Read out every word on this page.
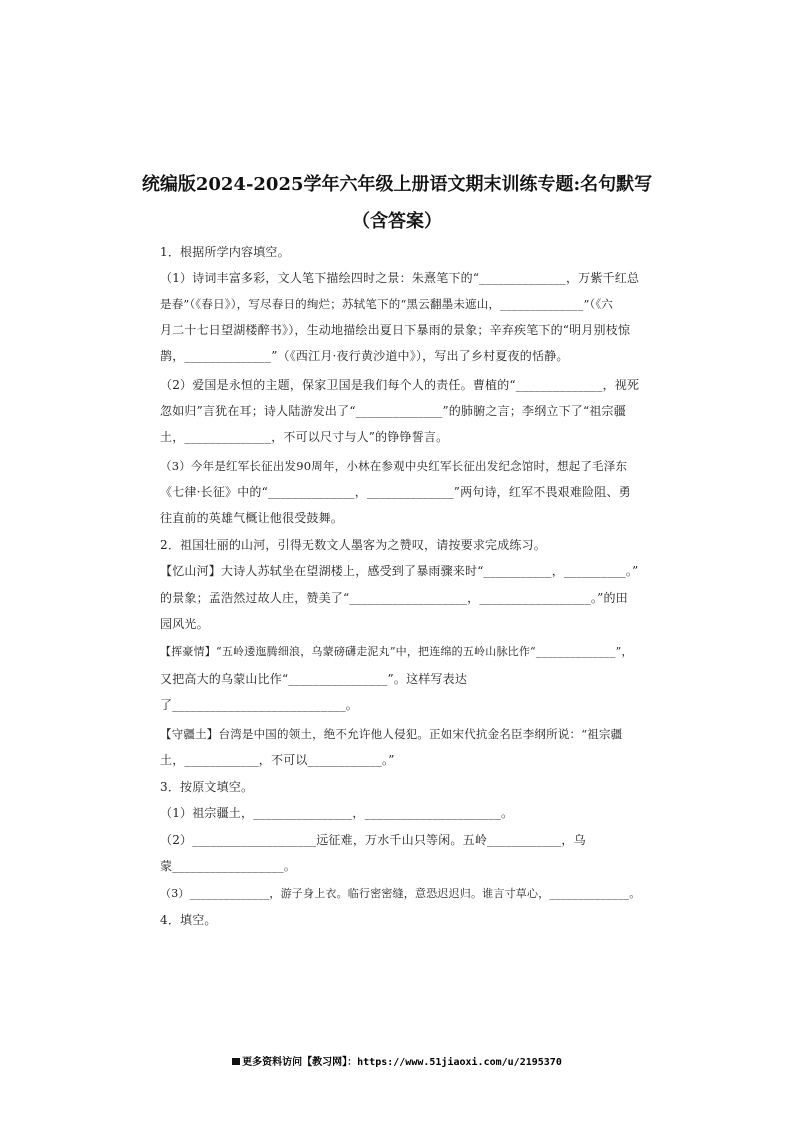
统编版2024-2025学年六年级上册语文期末训练专题:名句默写
（含答案）
1．根据所学内容填空。
（1）诗词丰富多彩，文人笔下描绘四时之景：朱熹笔下的“______________，万紫千红总
是春”（《春日》），写尽春日的绚烂；苏轼笔下的“黑云翻墨未遮山，______________”（《六
月二十七日望湖楼醉书》），生动地描绘出夏日下暴雨的景象；辛弃疾笔下的“明月别枝惊
鹊，______________”（《西江月·夜行黄沙道中》），写出了乡村夏夜的恬静。
（2）爱国是永恒的主题，保家卫国是我们每个人的责任。曹植的“______________，视死
忽如归”言犹在耳；诗人陆游发出了“______________”的肺腑之言；李纲立下了“祖宗疆
土，______________，不可以尺寸与人”的铮铮誓言。
（3）今年是红军长征出发90周年，小林在参观中央红军长征出发纪念馆时，想起了毛泽东
《七律·长征》中的“______________，______________”两句诗，红军不畏艰难险阻、勇
往直前的英雄气概让他很受鼓舞。
2．祖国壮丽的山河，引得无数文人墨客为之赞叹，请按要求完成练习。
【忆山河】大诗人苏轼坐在望湖楼上，感受到了暴雨骤来时“___________，__________。”
的景象；孟浩然过故人庄，赞美了“___________________，__________________。”的田
园风光。
【挥豪情】“五岭逶迤腾细浪，乌蒙磅礴走泥丸”中，把连绵的五岭山脉比作“______________”，
又把高大的乌蒙山比作“________________”。这样写表达
了____________________________。
【守疆土】台湾是中国的领土，绝不允许他人侵犯。正如宋代抗金名臣李纲所说：“祖宗疆
土，____________，不可以____________。”
3．按原文填空。
（1）祖宗疆土，________________，______________________。
（2）____________________远征难，万水千山只等闲。五岭____________，乌
蒙__________________。
（3）______________，游子身上衣。临行密密缝，意恐迟迟归。谁言寸草心，______________。
4．填空。
更多资料访问【教习网】：https://www.51jiaoxi.com/u/2195370
